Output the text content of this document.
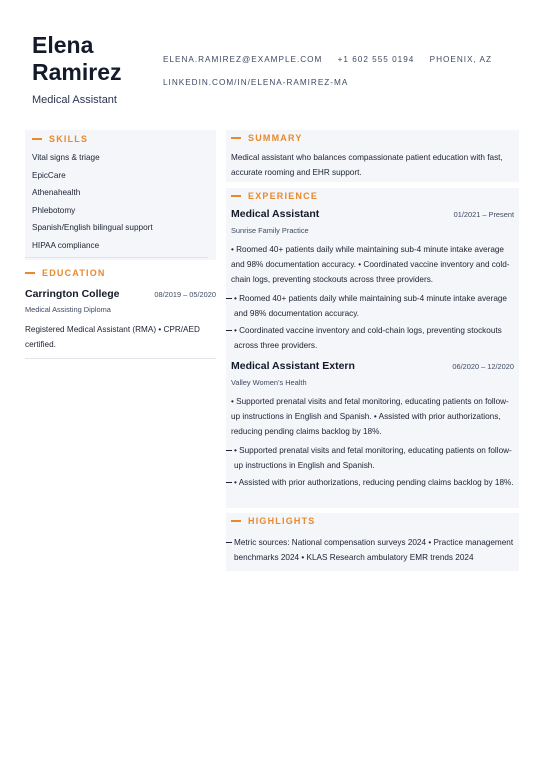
Elena
Ramirez
Medical Assistant
ELENA.RAMIREZ@EXAMPLE.COM +1 602 555 0194 PHOENIX, AZ
LINKEDIN.COM/IN/ELENA-RAMIREZ-MA
SKILLS
Vital signs & triage
EpicCare
Athenahealth
Phlebotomy
Spanish/English bilingual support
HIPAA compliance
EDUCATION
Carrington College	08/2019 – 05/2020
Medical Assisting Diploma
Registered Medical Assistant (RMA) • CPR/AED certified.
SUMMARY
Medical assistant who balances compassionate patient education with fast, accurate rooming and EHR support.
EXPERIENCE
Medical Assistant	01/2021 – Present
Sunrise Family Practice
• Roomed 40+ patients daily while maintaining sub-4 minute intake average and 98% documentation accuracy. • Coordinated vaccine inventory and cold-chain logs, preventing stockouts across three providers.
• Roomed 40+ patients daily while maintaining sub-4 minute intake average and 98% documentation accuracy.
• Coordinated vaccine inventory and cold-chain logs, preventing stockouts across three providers.
Medical Assistant Extern	06/2020 – 12/2020
Valley Women’s Health
• Supported prenatal visits and fetal monitoring, educating patients on follow-up instructions in English and Spanish. • Assisted with prior authorizations, reducing pending claims backlog by 18%.
• Supported prenatal visits and fetal monitoring, educating patients on follow-up instructions in English and Spanish.
• Assisted with prior authorizations, reducing pending claims backlog by 18%.
HIGHLIGHTS
Metric sources: National compensation surveys 2024 • Practice management benchmarks 2024 • KLAS Research ambulatory EMR trends 2024
